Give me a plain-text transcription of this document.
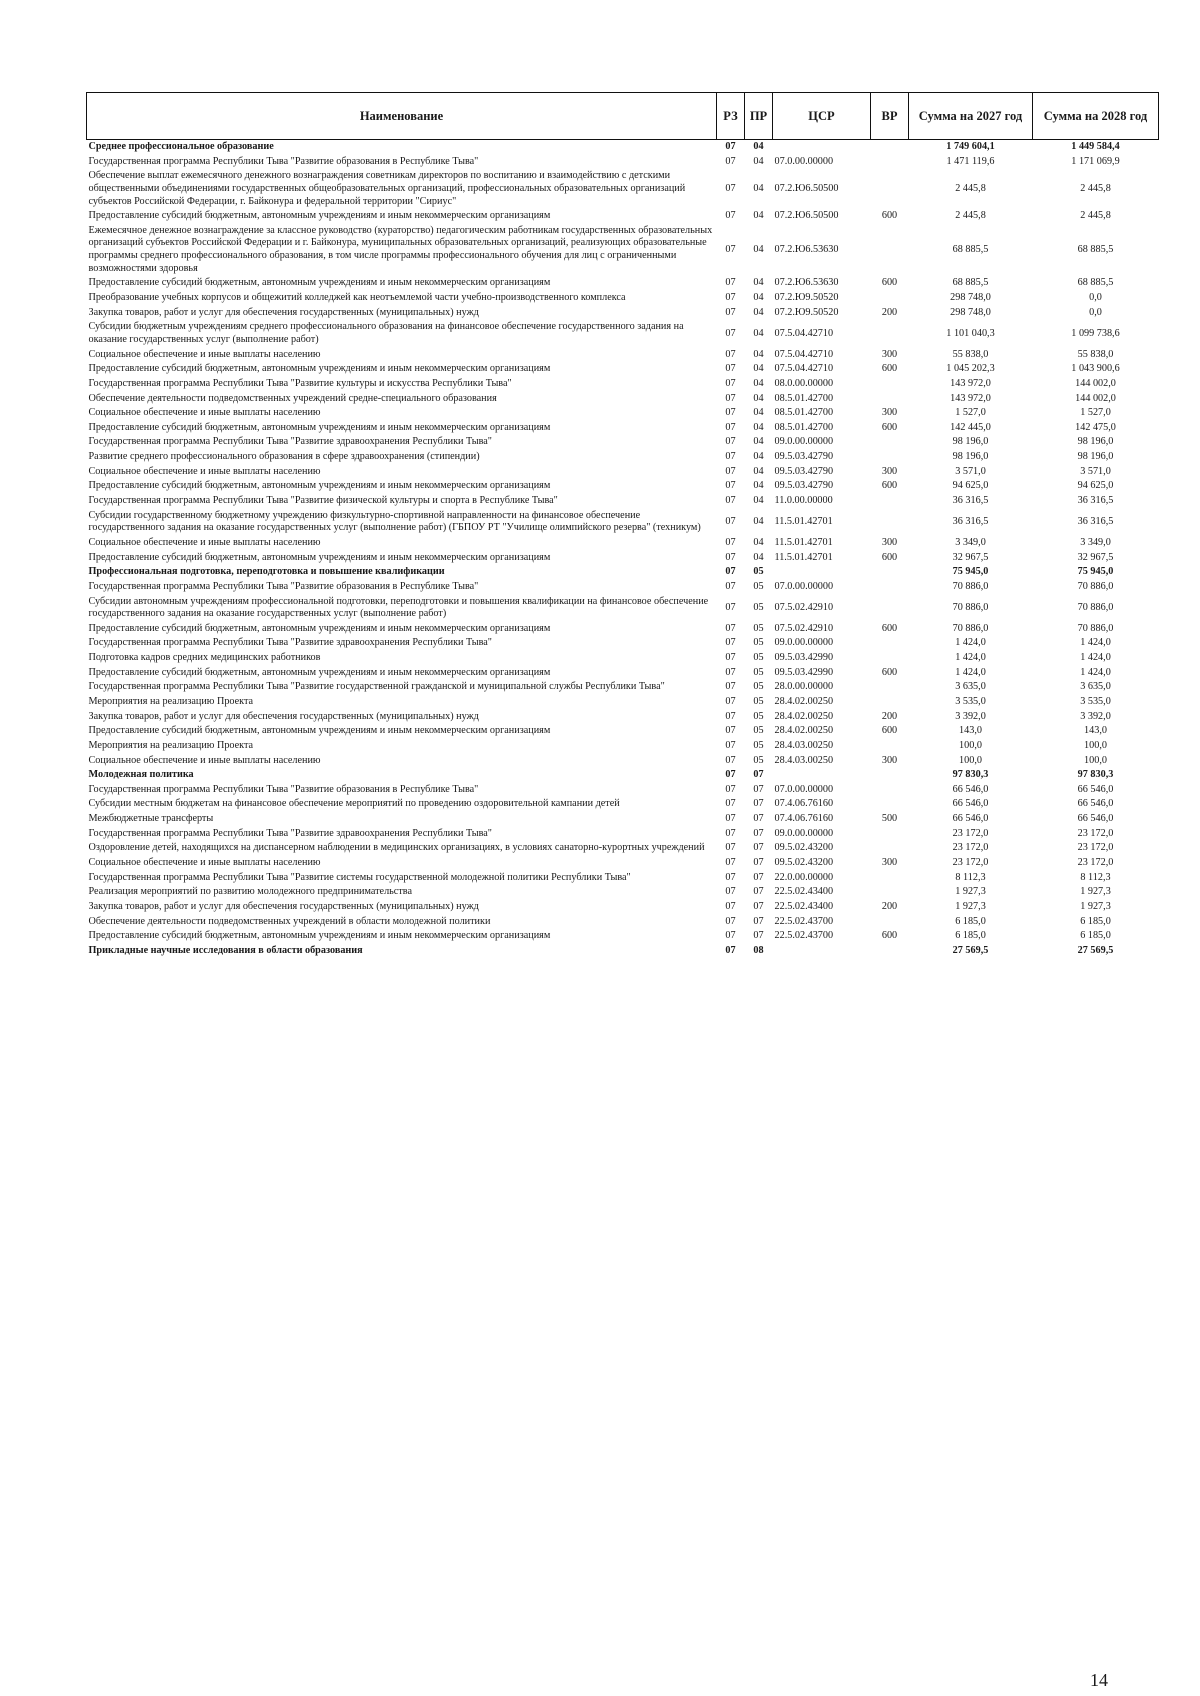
Наименование	РЗ	ПР	ЦСР	ВР	Сумма на 2027 год	Сумма на 2028 год
Среднее профессиональное образование	07	04			1 749 604,1	1 449 584,4
Государственная программа Республики Тыва "Развитие образования в Республике Тыва"	07	04	07.0.00.00000		1 471 119,6	1 171 069,9
Обеспечение выплат ежемесячного денежного вознаграждения советникам директоров по воспитанию и взаимодействию с детскими общественными объединениями государственных общеобразовательных организаций, профессиональных образовательных организаций субъектов Российской Федерации, г. Байконура и федеральной территории "Сириус"	07	04	07.2.Ю6.50500		2 445,8	2 445,8
Предоставление субсидий бюджетным, автономным учреждениям и иным некоммерческим организациям	07	04	07.2.Ю6.50500	600	2 445,8	2 445,8
Ежемесячное денежное вознаграждение за классное руководство (кураторство) педагогическим работникам государственных образовательных организаций субъектов Российской Федерации и г. Байконура, муниципальных образовательных организаций, реализующих образовательные программы среднего профессионального образования, в том числе программы профессионального обучения для лиц с ограниченными возможностями здоровья	07	04	07.2.Ю6.53630		68 885,5	68 885,5
Предоставление субсидий бюджетным, автономным учреждениям и иным некоммерческим организациям	07	04	07.2.Ю6.53630	600	68 885,5	68 885,5
Преобразование учебных корпусов и общежитий колледжей как неотъемлемой части учебно-производственного комплекса	07	04	07.2.Ю9.50520		298 748,0	0,0
Закупка товаров, работ и услуг для обеспечения государственных (муниципальных) нужд	07	04	07.2.Ю9.50520	200	298 748,0	0,0
Субсидии бюджетным учреждениям среднего профессионального образования на финансовое обеспечение государственного задания на оказание государственных услуг (выполнение работ)	07	04	07.5.04.42710		1 101 040,3	1 099 738,6
Социальное обеспечение и иные выплаты населению	07	04	07.5.04.42710	300	55 838,0	55 838,0
Предоставление субсидий бюджетным, автономным учреждениям и иным некоммерческим организациям	07	04	07.5.04.42710	600	1 045 202,3	1 043 900,6
Государственная программа Республики Тыва "Развитие культуры и искусства Республики Тыва"	07	04	08.0.00.00000		143 972,0	144 002,0
Обеспечение деятельности подведомственных учреждений средне-специального образования	07	04	08.5.01.42700		143 972,0	144 002,0
Социальное обеспечение и иные выплаты населению	07	04	08.5.01.42700	300	1 527,0	1 527,0
Предоставление субсидий бюджетным, автономным учреждениям и иным некоммерческим организациям	07	04	08.5.01.42700	600	142 445,0	142 475,0
Государственная программа Республики Тыва "Развитие здравоохранения Республики Тыва"	07	04	09.0.00.00000		98 196,0	98 196,0
Развитие среднего профессионального образования в сфере здравоохранения (стипендии)	07	04	09.5.03.42790		98 196,0	98 196,0
Социальное обеспечение и иные выплаты населению	07	04	09.5.03.42790	300	3 571,0	3 571,0
Предоставление субсидий бюджетным, автономным учреждениям и иным некоммерческим организациям	07	04	09.5.03.42790	600	94 625,0	94 625,0
Государственная программа Республики Тыва "Развитие физической культуры и спорта в Республике Тыва"	07	04	11.0.00.00000		36 316,5	36 316,5
Субсидии государственному бюджетному учреждению физкультурно-спортивной направленности на финансовое обеспечение государственного задания на оказание государственных услуг (выполнение работ) (ГБПОУ РТ "Училище олимпийского резерва" (техникум)	07	04	11.5.01.42701		36 316,5	36 316,5
Социальное обеспечение и иные выплаты населению	07	04	11.5.01.42701	300	3 349,0	3 349,0
Предоставление субсидий бюджетным, автономным учреждениям и иным некоммерческим организациям	07	04	11.5.01.42701	600	32 967,5	32 967,5
Профессиональная подготовка, переподготовка и повышение квалификации	07	05			75 945,0	75 945,0
Государственная программа Республики Тыва "Развитие образования в Республике Тыва"	07	05	07.0.00.00000		70 886,0	70 886,0
Субсидии автономным учреждениям профессиональной подготовки, переподготовки и повышения квалификации на финансовое обеспечение государственного задания на оказание государственных услуг (выполнение работ)	07	05	07.5.02.42910		70 886,0	70 886,0
Предоставление субсидий бюджетным, автономным учреждениям и иным некоммерческим организациям	07	05	07.5.02.42910	600	70 886,0	70 886,0
Государственная программа Республики Тыва "Развитие здравоохранения Республики Тыва"	07	05	09.0.00.00000		1 424,0	1 424,0
Подготовка кадров средних медицинских работников	07	05	09.5.03.42990		1 424,0	1 424,0
Предоставление субсидий бюджетным, автономным учреждениям и иным некоммерческим организациям	07	05	09.5.03.42990	600	1 424,0	1 424,0
Государственная программа Республики Тыва "Развитие государственной гражданской и муниципальной службы Республики Тыва"	07	05	28.0.00.00000		3 635,0	3 635,0
Мероприятия на реализацию Проекта	07	05	28.4.02.00250		3 535,0	3 535,0
Закупка товаров, работ и услуг для обеспечения государственных (муниципальных) нужд	07	05	28.4.02.00250	200	3 392,0	3 392,0
Предоставление субсидий бюджетным, автономным учреждениям и иным некоммерческим организациям	07	05	28.4.02.00250	600	143,0	143,0
Мероприятия на реализацию Проекта	07	05	28.4.03.00250		100,0	100,0
Социальное обеспечение и иные выплаты населению	07	05	28.4.03.00250	300	100,0	100,0
Молодежная политика	07	07			97 830,3	97 830,3
Государственная программа Республики Тыва "Развитие образования в Республике Тыва"	07	07	07.0.00.00000		66 546,0	66 546,0
Субсидии местным бюджетам на финансовое обеспечение мероприятий по проведению оздоровительной кампании детей	07	07	07.4.06.76160		66 546,0	66 546,0
Межбюджетные трансферты	07	07	07.4.06.76160	500	66 546,0	66 546,0
Государственная программа Республики Тыва "Развитие здравоохранения Республики Тыва"	07	07	09.0.00.00000		23 172,0	23 172,0
Оздоровление детей, находящихся на диспансерном наблюдении в медицинских организациях, в условиях санаторно-курортных учреждений	07	07	09.5.02.43200		23 172,0	23 172,0
Социальное обеспечение и иные выплаты населению	07	07	09.5.02.43200	300	23 172,0	23 172,0
Государственная программа Республики Тыва "Развитие системы государственной молодежной политики Республики Тыва"	07	07	22.0.00.00000		8 112,3	8 112,3
Реализация мероприятий по развитию молодежного предпринимательства	07	07	22.5.02.43400		1 927,3	1 927,3
Закупка товаров, работ и услуг для обеспечения государственных (муниципальных) нужд	07	07	22.5.02.43400	200	1 927,3	1 927,3
Обеспечение деятельности подведомственных учреждений в области молодежной политики	07	07	22.5.02.43700		6 185,0	6 185,0
Предоставление субсидий бюджетным, автономным учреждениям и иным некоммерческим организациям	07	07	22.5.02.43700	600	6 185,0	6 185,0
Прикладные научные исследования в области образования	07	08			27 569,5	27 569,5
14
